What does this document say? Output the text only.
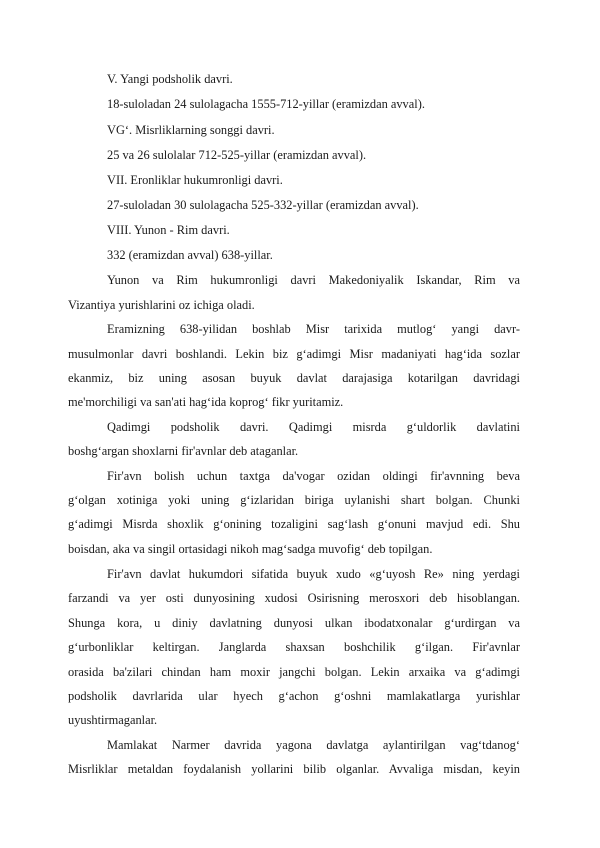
V. Yangi podsholik davri.
18-suloladan 24 sulolagacha 1555-712-yillar (eramizdan avval).
VG‘. Misrliklarning songgi davri.
25 va 26 sulolalar 712-525-yillar (eramizdan avval).
VII. Eronliklar hukumronligi davri.
27-suloladan 30 sulolagacha 525-332-yillar (eramizdan avval).
VIII. Yunon - Rim davri.
332 (eramizdan avval) 638-yillar.
Yunon va Rim hukumronligi davri Makedoniyalik Iskandar, Rim va
Vizantiya yurishlarini oz ichiga oladi.
Eramizning 638-yilidan boshlab Misr tarixida mutlog‘ yangi davr-
musulmonlar davri boshlandi. Lekin biz g‘adimgi Misr madaniyati hag‘ida sozlar
ekanmiz, biz uning asosan buyuk davlat darajasiga kotarilgan davridagi
me'morchiligi va san'ati hag‘ida koprog‘ fikr yuritamiz.
Qadimgi podsholik davri. Qadimgi misrda g‘uldorlik davlatini
boshg‘argan shoxlarni fir'avnlar deb ataganlar.
Fir'avn bolish uchun taxtga da'vogar ozidan oldingi fir'avnning beva
g‘olgan xotiniga yoki uning g‘izlaridan biriga uylanishi shart bolgan. Chunki
g‘adimgi Misrda shoxlik g‘onining tozaligini sag‘lash g‘onuni mavjud edi. Shu
boisdan, aka va singil ortasidagi nikoh mag‘sadga muvofig‘ deb topilgan.
Fir'avn davlat hukumdori sifatida buyuk xudo «g‘uyosh Re» ning yerdagi
farzandi va yer osti dunyosining xudosi Osirisning merosxori deb hisoblangan.
Shunga kora, u diniy davlatning dunyosi ulkan ibodatxonalar g‘urdirgan va
g‘urbonliklar keltirgan. Janglarda shaxsan boshchilik g‘ilgan. Fir'avnlar
orasida ba'zilari chindan ham moxir jangchi bolgan. Lekin arxaika va g‘adimgi
podsholik davrlarida ular hyech g‘achon g‘oshni mamlakatlarga yurishlar
uyushtirmaganlar.
Mamlakat Narmer davrida yagona davlatga aylantirilgan vag‘tdanog‘
Misrliklar metaldan foydalanish yollarini bilib olganlar. Avvaliga misdan, keyin
